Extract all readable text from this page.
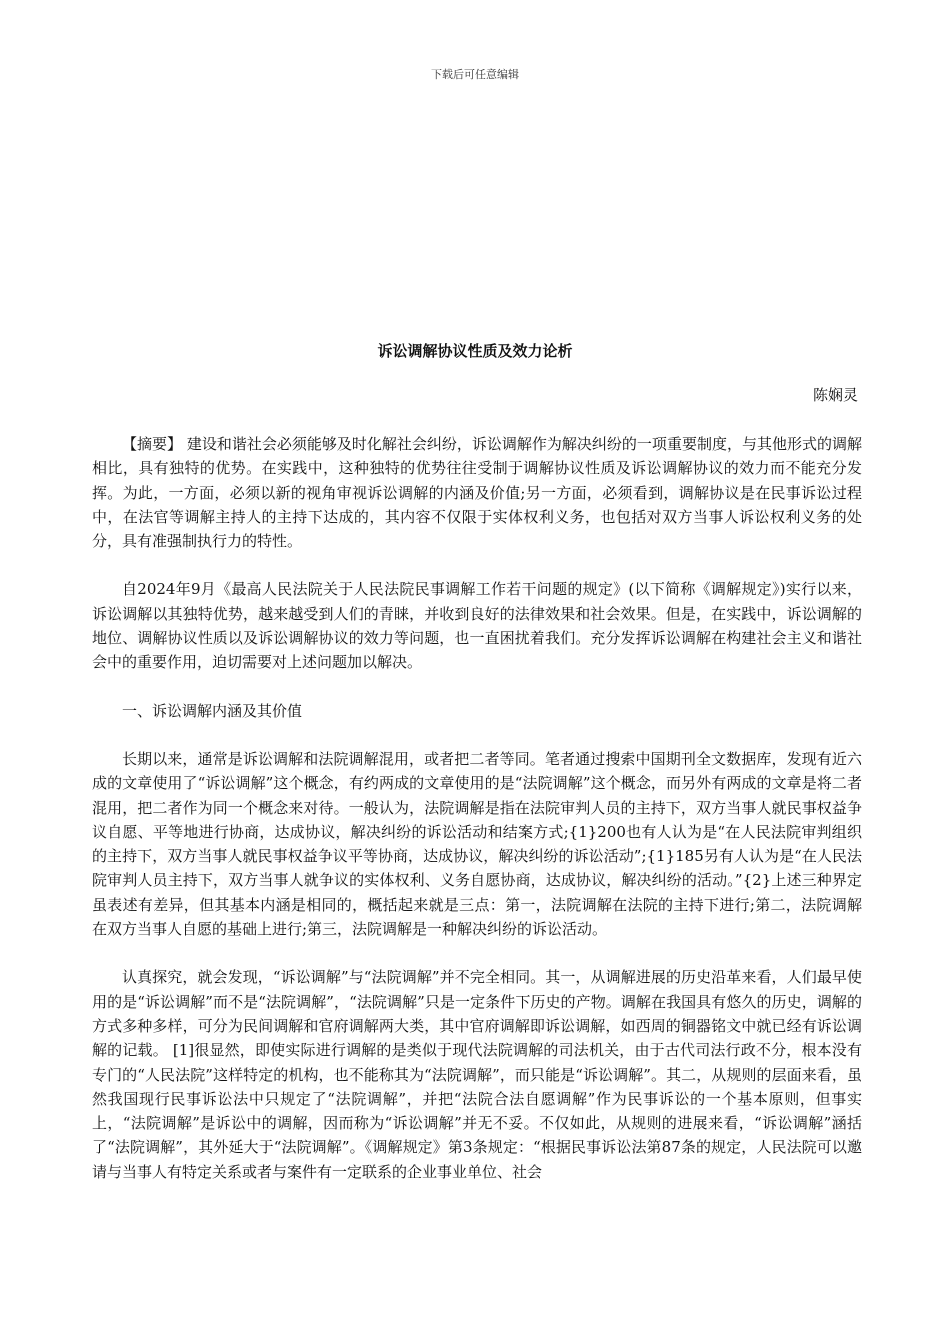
下载后可任意编辑
诉讼调解协议性质及效力论析
陈娴灵

【摘要】 建设和谐社会必须能够及时化解社会纠纷，诉讼调解作为解决纠纷的一项重要制度，与其他形式的调解相比，具有独特的优势。在实践中，这种独特的优势往往受制于调解协议性质及诉讼调解协议的效力而不能充分发挥。为此，一方面，必须以新的视角审视诉讼调解的内涵及价值;另一方面，必须看到，调解协议是在民事诉讼过程中，在法官等调解主持人的主持下达成的，其内容不仅限于实体权利义务，也包括对双方当事人诉讼权利义务的处分，具有准强制执行力的特性。

自2024年9月《最高人民法院关于人民法院民事调解工作若干问题的规定》(以下简称《调解规定》)实行以来，诉讼调解以其独特优势，越来越受到人们的青睐，并收到良好的法律效果和社会效果。但是，在实践中，诉讼调解的地位、调解协议性质以及诉讼调解协议的效力等问题，也一直困扰着我们。充分发挥诉讼调解在构建社会主义和谐社会中的重要作用，迫切需要对上述问题加以解决。

一、诉讼调解内涵及其价值

长期以来，通常是诉讼调解和法院调解混用，或者把二者等同。笔者通过搜索中国期刊全文数据库，发现有近六成的文章使用了“诉讼调解”这个概念，有约两成的文章使用的是“法院调解”这个概念，而另外有两成的文章是将二者混用，把二者作为同一个概念来对待。一般认为，法院调解是指在法院审判人员的主持下，双方当事人就民事权益争议自愿、平等地进行协商，达成协议，解决纠纷的诉讼活动和结案方式;{1}200也有人认为是“在人民法院审判组织的主持下，双方当事人就民事权益争议平等协商，达成协议，解决纠纷的诉讼活动”;{1}185另有人认为是“在人民法院审判人员主持下，双方当事人就争议的实体权利、义务自愿协商，达成协议，解决纠纷的活动。”{2}上述三种界定虽表述有差异，但其基本内涵是相同的，概括起来就是三点：第一，法院调解在法院的主持下进行;第二，法院调解在双方当事人自愿的基础上进行;第三，法院调解是一种解决纠纷的诉讼活动。

认真探究，就会发现，“诉讼调解”与“法院调解”并不完全相同。其一，从调解进展的历史沿革来看，人们最早使用的是“诉讼调解”而不是“法院调解”，“法院调解”只是一定条件下历史的产物。调解在我国具有悠久的历史，调解的方式多种多样，可分为民间调解和官府调解两大类，其中官府调解即诉讼调解，如西周的铜器铭文中就已经有诉讼调解的记载。 [1]很显然，即使实际进行调解的是类似于现代法院调解的司法机关，由于古代司法行政不分，根本没有专门的“人民法院”这样特定的机构，也不能称其为“法院调解”，而只能是“诉讼调解”。其二，从规则的层面来看，虽然我国现行民事诉讼法中只规定了“法院调解”，并把“法院合法自愿调解”作为民事诉讼的一个基本原则，但事实上，“法院调解”是诉讼中的调解，因而称为“诉讼调解”并无不妥。不仅如此，从规则的进展来看，“诉讼调解”涵括了“法院调解”，其外延大于“法院调解”。《调解规定》第3条规定：“根据民事诉讼法第87条的规定，人民法院可以邀请与当事人有特定关系或者与案件有一定联系的企业事业单位、社会
